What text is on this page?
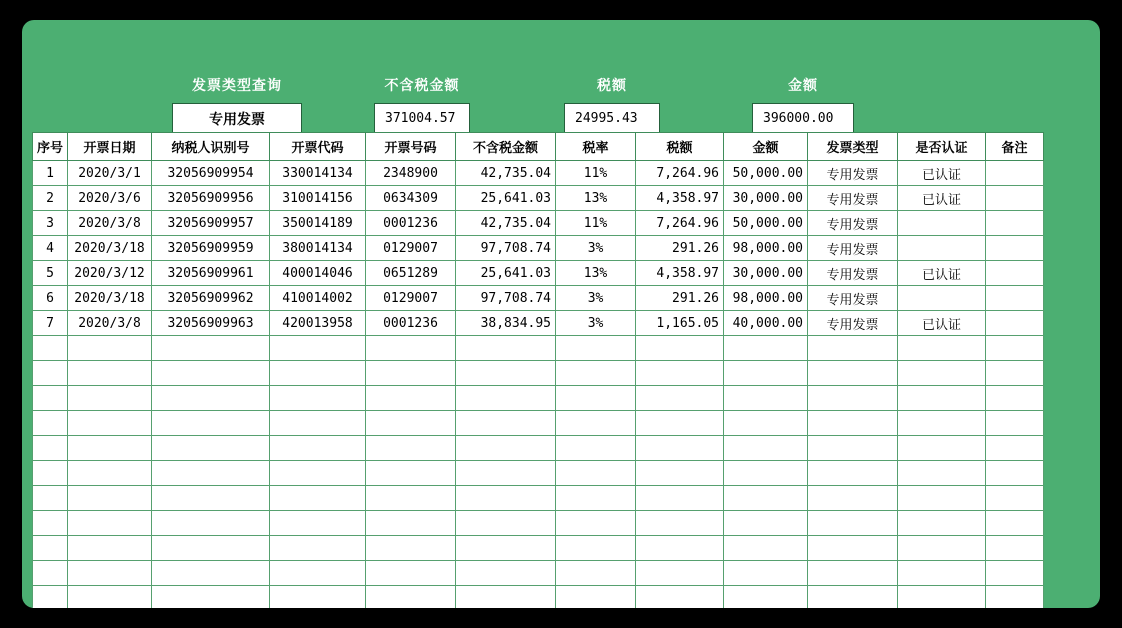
发票类型查询
专用发票
不含税金额
371004.57
税额
24995.43
金额
396000.00
序号	开票日期	纳税人识别号	开票代码	开票号码	不含税金额	税率	税额	金额	发票类型	是否认证	备注
1	2020/3/1	32056909954	330014134	2348900	42,735.04	11%	7,264.96	50,000.00	专用发票	已认证	
2	2020/3/6	32056909956	310014156	0634309	25,641.03	13%	4,358.97	30,000.00	专用发票	已认证	
3	2020/3/8	32056909957	350014189	0001236	42,735.04	11%	7,264.96	50,000.00	专用发票		
4	2020/3/18	32056909959	380014134	0129007	97,708.74	3%	291.26	98,000.00	专用发票		
5	2020/3/12	32056909961	400014046	0651289	25,641.03	13%	4,358.97	30,000.00	专用发票	已认证	
6	2020/3/18	32056909962	410014002	0129007	97,708.74	3%	291.26	98,000.00	专用发票		
7	2020/3/8	32056909963	420013958	0001236	38,834.95	3%	1,165.05	40,000.00	专用发票	已认证	
